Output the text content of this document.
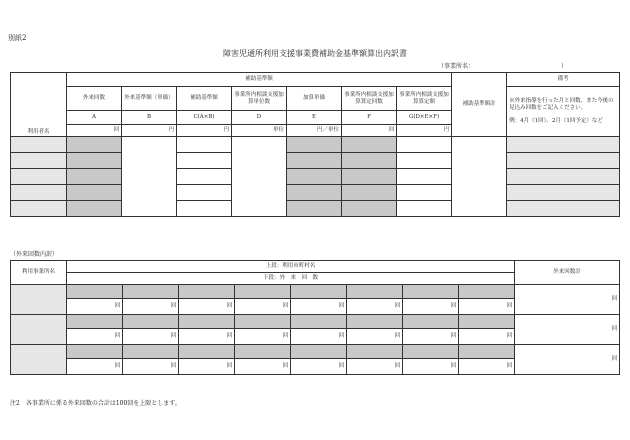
別紙2
障害児通所利用支援事業費補助金基準額算出内訳書
（事業所名：　　　　　　　　　　　　　　　）
利用者名	補助基準額							補助基準額計	備考	
	外来回数	外来基準額（単価）	補助基準額	事業所内相談支援加算単位数	加算単価	事業所内相談支援加算算定回数	事業所内相談支援加算算定額		※外来指導を行った月と回数、また今後の見込み回数をご記入ください。
例：4月（1回）、2月（1回予定）など	

	A	B	C(A×B)	D	E	F	G(D×E×F)			
	回	円	円	単位	円／単位	回	円			

（外来回数内訳）
利用事業所名	上段：利用市町村名								外来回数計
	下段：外　来　回　数								
									回
	回	回	回	回	回	回	回	回	
									回
	回	回	回	回	回	回	回	回	
									回
	回	回	回	回	回	回	回	回	
注2　各事業所に係る外来回数の合計は100回を上限とします。
